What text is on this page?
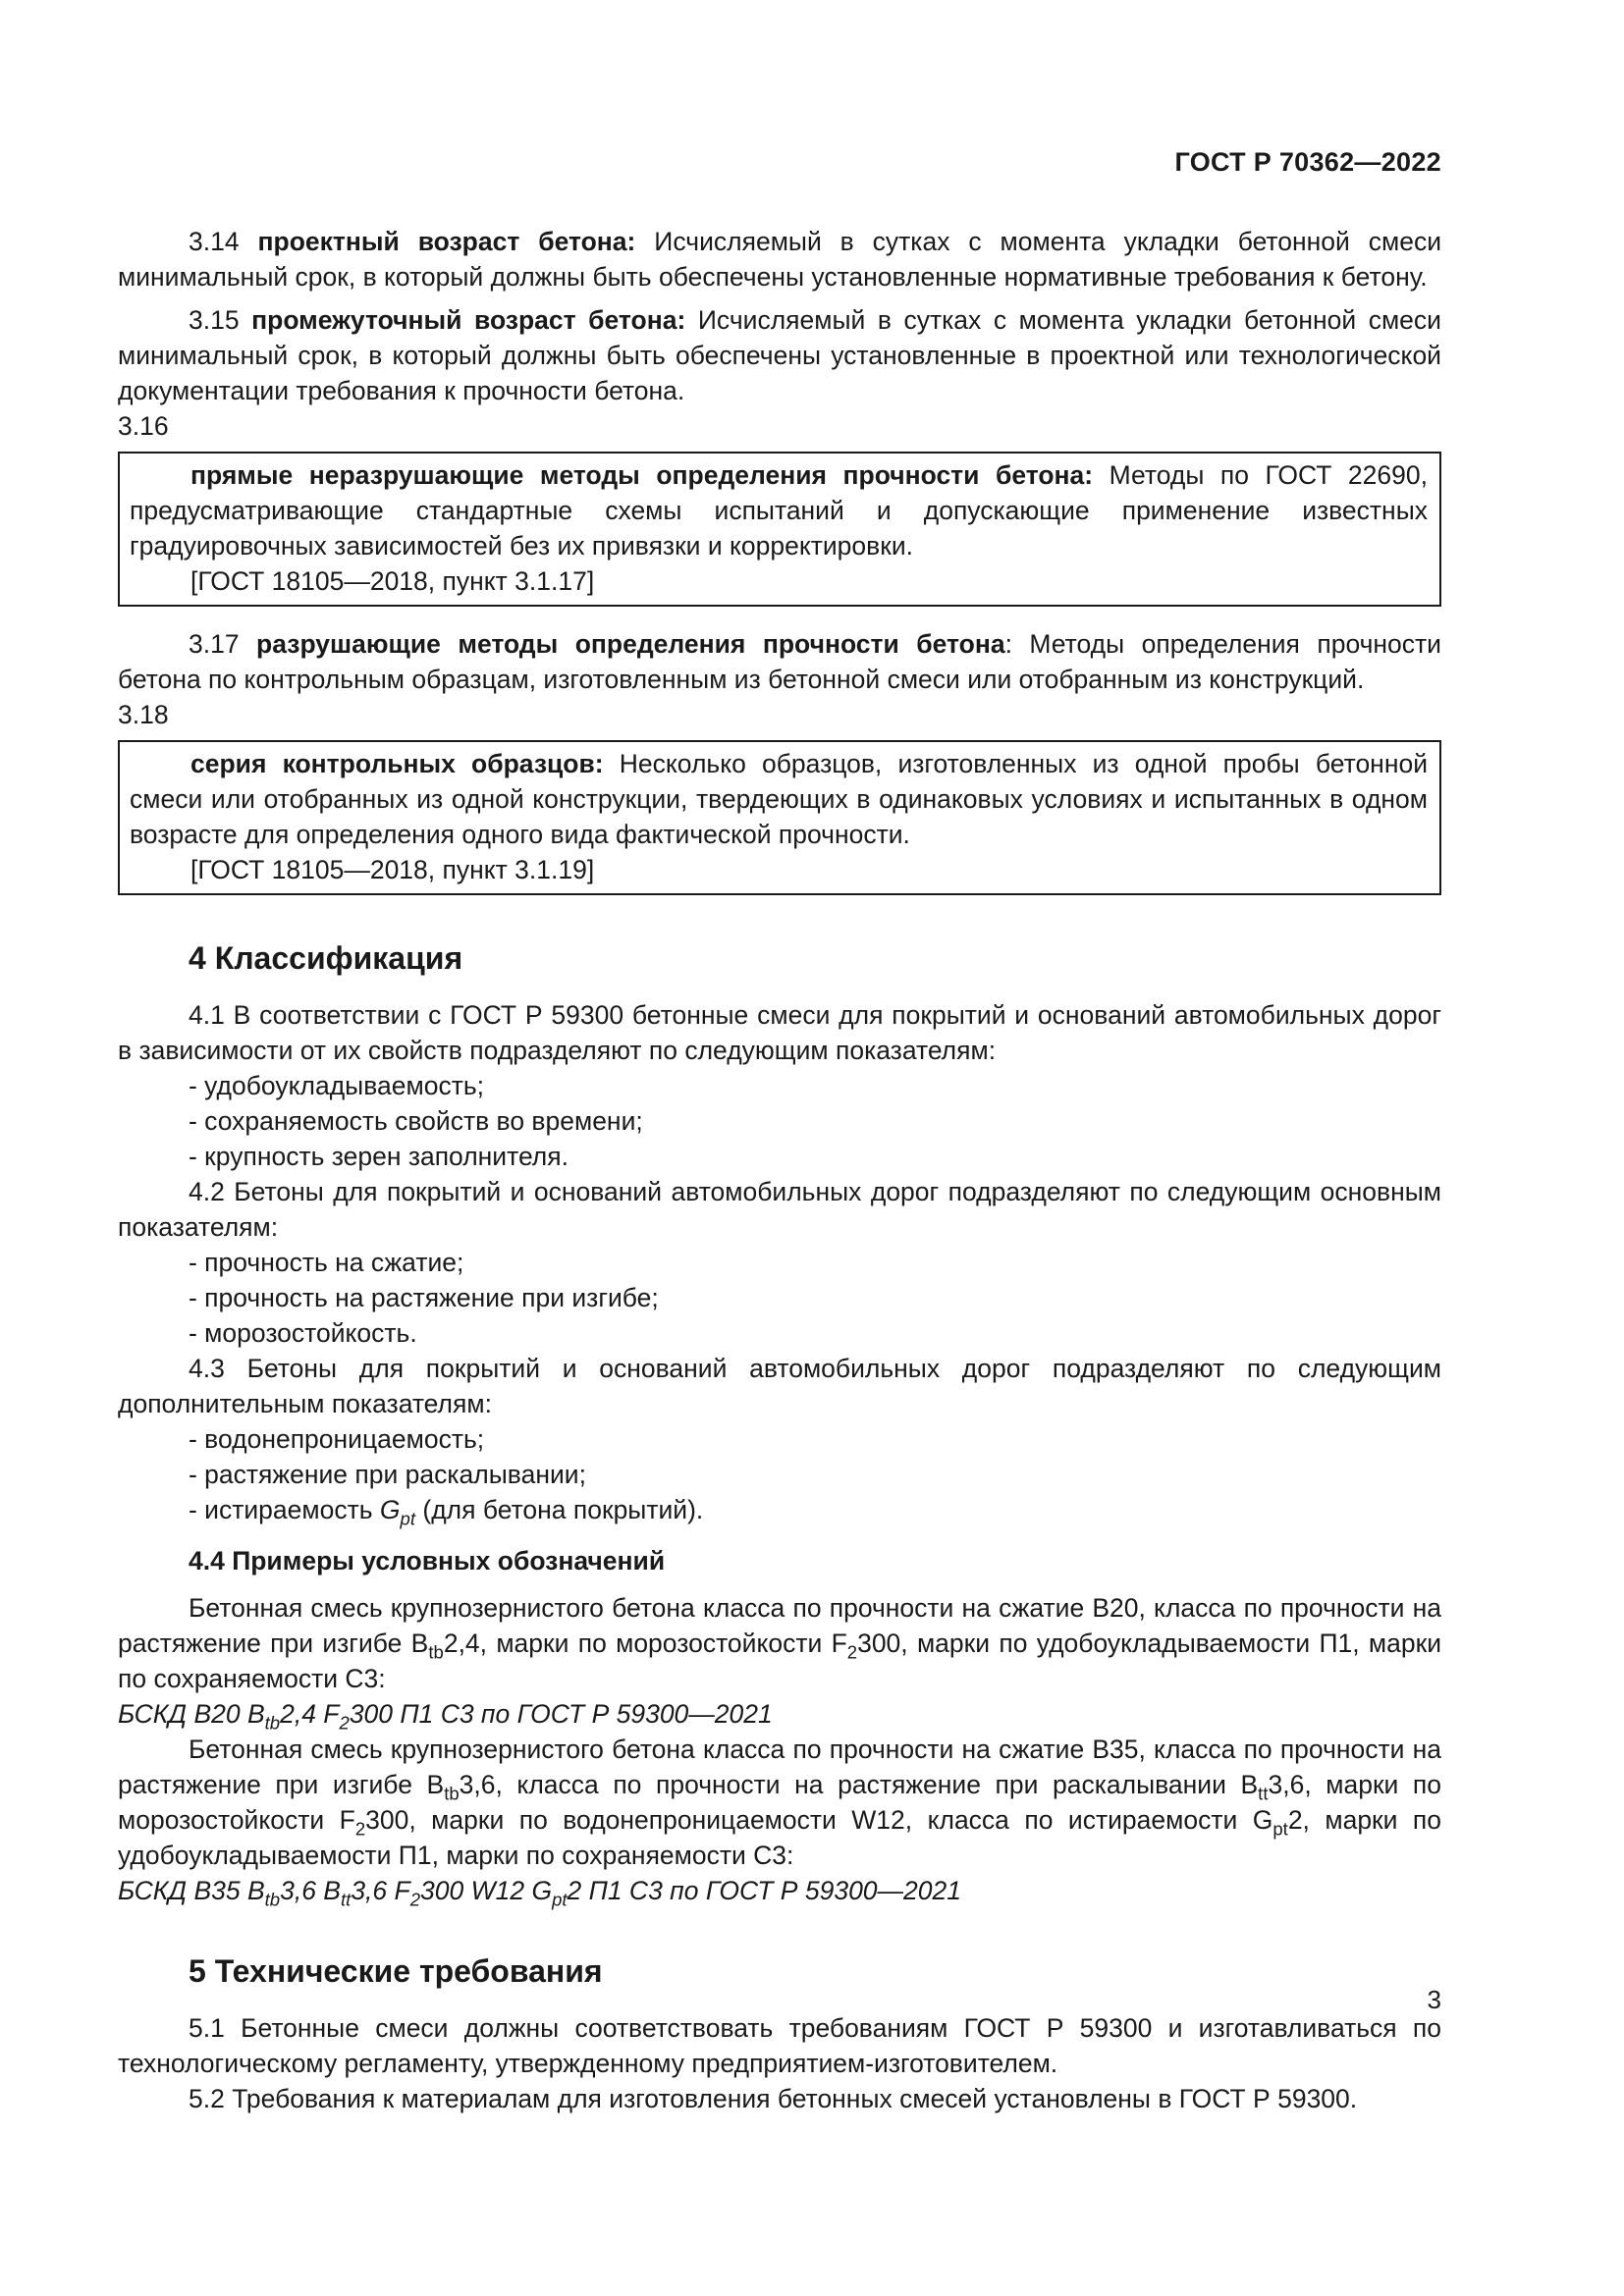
ГОСТ Р 70362—2022

3.14 проектный возраст бетона: Исчисляемый в сутках с момента укладки бетонной смеси минимальный срок, в который должны быть обеспечены установленные нормативные требования к бетону.

3.15 промежуточный возраст бетона: Исчисляемый в сутках с момента укладки бетонной смеси минимальный срок, в который должны быть обеспечены установленные в проектной или технологической документации требования к прочности бетона.

3.16

прямые неразрушающие методы определения прочности бетона: Методы по ГОСТ 22690, предусматривающие стандартные схемы испытаний и допускающие применение известных градуировочных зависимостей без их привязки и корректировки.

[ГОСТ 18105—2018, пункт 3.1.17]

3.17 разрушающие методы определения прочности бетона: Методы определения прочности бетона по контрольным образцам, изготовленным из бетонной смеси или отобранным из конструкций.

3.18

серия контрольных образцов: Несколько образцов, изготовленных из одной пробы бетонной смеси или отобранных из одной конструкции, твердеющих в одинаковых условиях и испытанных в одном возрасте для определения одного вида фактической прочности.

[ГОСТ 18105—2018, пункт 3.1.19]

4 Классификация

4.1 В соответствии с ГОСТ Р 59300 бетонные смеси для покрытий и оснований автомобильных дорог в зависимости от их свойств подразделяют по следующим показателям:

- удобоукладываемость;

- сохраняемость свойств во времени;

- крупность зерен заполнителя.

4.2 Бетоны для покрытий и оснований автомобильных дорог подразделяют по следующим основным показателям:

- прочность на сжатие;

- прочность на растяжение при изгибе;

- морозостойкость.

4.3 Бетоны для покрытий и оснований автомобильных дорог подразделяют по следующим дополнительным показателям:

- водонепроницаемость;

- растяжение при раскалывании;

- истираемость $G_{pt}$ (для бетона покрытий).

4.4 Примеры условных обозначений

Бетонная смесь крупнозернистого бетона класса по прочности на сжатие B20, класса по прочности на растяжение при изгибе $B_{tb}2,4$, марки по морозостойкости $F_2300$, марки по удобоукладываемости П1, марки по сохраняемости С3:

БСКД B20 $B_{tb}2,4$ $F_2300$ П1 С3 по ГОСТ Р 59300—2021

Бетонная смесь крупнозернистого бетона класса по прочности на сжатие B35, класса по прочности на растяжение при изгибе $B_{tb}3,6$, класса по прочности на растяжение при раскалывании $B_{tt}3,6$, марки по морозостойкости $F_2300$, марки по водонепроницаемости W12, класса по истираемости $G_{pt}2$, марки по удобоукладываемости П1, марки по сохраняемости С3:

БСКД B35 $B_{tb}3,6$ $B_{tt}3,6$ $F_2300$ W12 $G_{pt}2$ П1 С3 по ГОСТ Р 59300—2021

5 Технические требования

5.1 Бетонные смеси должны соответствовать требованиям ГОСТ Р 59300 и изготавливаться по технологическому регламенту, утвержденному предприятием-изготовителем.

5.2 Требования к материалам для изготовления бетонных смесей установлены в ГОСТ Р 59300.

3
